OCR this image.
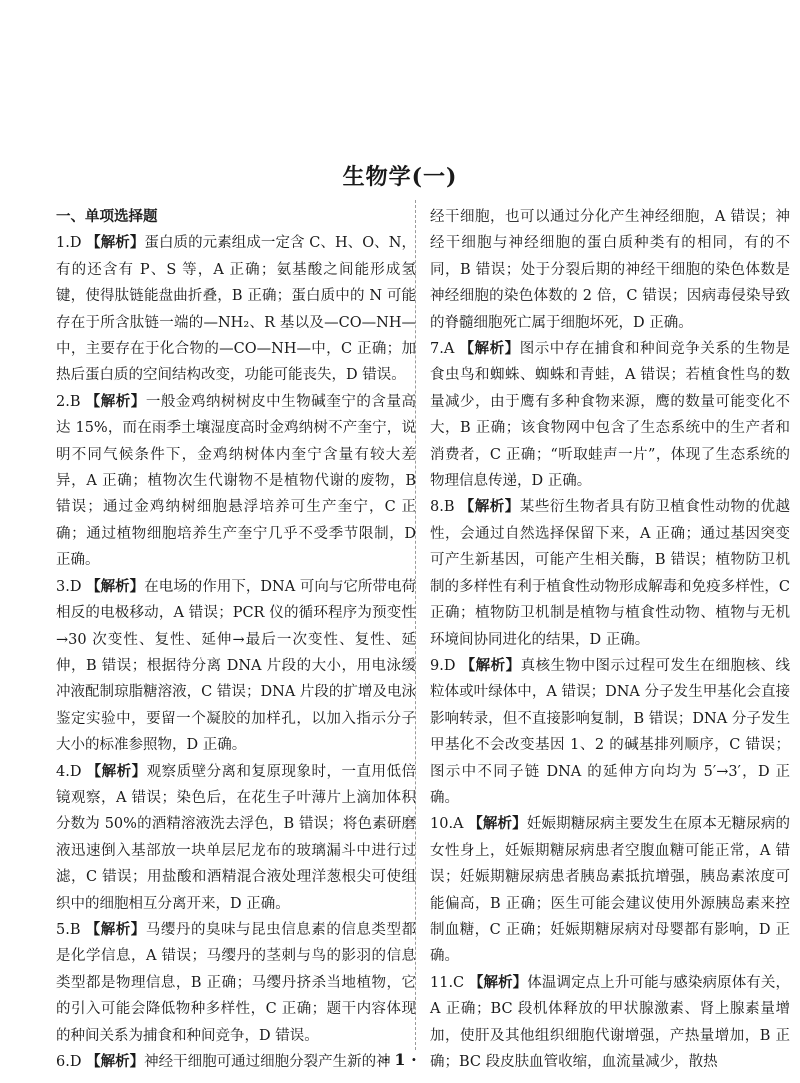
生物学(一)

一、单项选择题

1.D 【解析】蛋白质的元素组成一定含 C、H、O、N，有的还含有 P、S 等，A 正确；氨基酸之间能形成氢键，使得肽链能盘曲折叠，B 正确；蛋白质中的 N 可能存在于所含肽链一端的—NH₂、R 基以及—CO—NH—中，主要存在于化合物的—CO—NH—中，C 正确；加热后蛋白质的空间结构改变，功能可能丧失，D 错误。

2.B 【解析】一般金鸡纳树树皮中生物碱奎宁的含量高达 15%，而在雨季土壤湿度高时金鸡纳树不产奎宁，说明不同气候条件下，金鸡纳树体内奎宁含量有较大差异，A 正确；植物次生代谢物不是植物代谢的废物，B 错误；通过金鸡纳树细胞悬浮培养可生产奎宁，C 正确；通过植物细胞培养生产奎宁几乎不受季节限制，D 正确。

3.D 【解析】在电场的作用下，DNA 可向与它所带电荷相反的电极移动，A 错误；PCR 仪的循环程序为预变性→30 次变性、复性、延伸→最后一次变性、复性、延伸，B 错误；根据待分离 DNA 片段的大小，用电泳缓冲液配制琼脂糖溶液，C 错误；DNA 片段的扩增及电泳鉴定实验中，要留一个凝胶的加样孔，以加入指示分子大小的标准参照物，D 正确。

4.D 【解析】观察质壁分离和复原现象时，一直用低倍镜观察，A 错误；染色后，在花生子叶薄片上滴加体积分数为 50%的酒精溶液洗去浮色，B 错误；将色素研磨液迅速倒入基部放一块单层尼龙布的玻璃漏斗中进行过滤，C 错误；用盐酸和酒精混合液处理洋葱根尖可使组织中的细胞相互分离开来，D 正确。

5.B 【解析】马缨丹的臭味与昆虫信息素的信息类型都是化学信息，A 错误；马缨丹的茎刺与鸟的影羽的信息类型都是物理信息，B 正确；马缨丹挤杀当地植物，它的引入可能会降低物种多样性，C 正确；题干内容体现的种间关系为捕食和种间竞争，D 错误。

6.D 【解析】神经干细胞可通过细胞分裂产生新的神

经干细胞，也可以通过分化产生神经细胞，A 错误；神经干细胞与神经细胞的蛋白质种类有的相同，有的不同，B 错误；处于分裂后期的神经干细胞的染色体数是神经细胞的染色体数的 2 倍，C 错误；因病毒侵染导致的脊髓细胞死亡属于细胞坏死，D 正确。

7.A 【解析】图示中存在捕食和种间竞争关系的生物是食虫鸟和蜘蛛、蜘蛛和青蛙，A 错误；若植食性鸟的数量减少，由于鹰有多种食物来源，鹰的数量可能变化不大，B 正确；该食物网中包含了生态系统中的生产者和消费者，C 正确；“听取蛙声一片”，体现了生态系统的物理信息传递，D 正确。

8.B 【解析】某些衍生物者具有防卫植食性动物的优越性，会通过自然选择保留下来，A 正确；通过基因突变可产生新基因，可能产生相关酶，B 错误；植物防卫机制的多样性有利于植食性动物形成解毒和免疫多样性，C 正确；植物防卫机制是植物与植食性动物、植物与无机环境间协同进化的结果，D 正确。

9.D 【解析】真核生物中图示过程可发生在细胞核、线粒体或叶绿体中，A 错误；DNA 分子发生甲基化会直接影响转录，但不直接影响复制，B 错误；DNA 分子发生甲基化不会改变基因 1、2 的碱基排列顺序，C 错误；图示中不同子链 DNA 的延伸方向均为 5′→3′，D 正确。

10.A 【解析】妊娠期糖尿病主要发生在原本无糖尿病的女性身上，妊娠期糖尿病患者空腹血糖可能正常，A 错误；妊娠期糖尿病患者胰岛素抵抗增强，胰岛素浓度可能偏高，B 正确；医生可能会建议使用外源胰岛素来控制血糖，C 正确；妊娠期糖尿病对母婴都有影响，D 正确。

11.C 【解析】体温调定点上升可能与感染病原体有关，A 正确；BC 段机体释放的甲状腺激素、肾上腺素量增加，使肝及其他组织细胞代谢增强，产热量增加，B 正确；BC 段皮肤血管收缩，血流量减少，散热

· 1 ·
